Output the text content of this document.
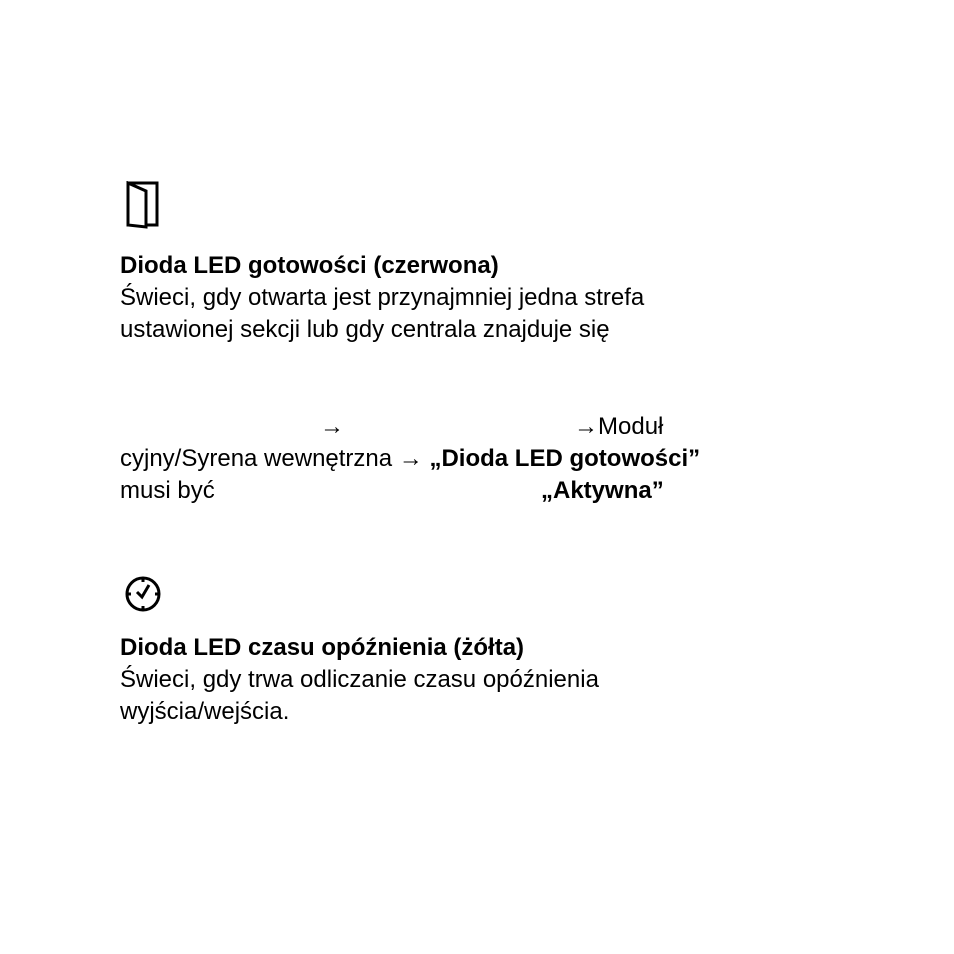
Dioda LED gotowości (czerwona)
Świeci, gdy otwarta jest przynajmniej jedna strefa
ustawionej sekcji lub gdy centrala znajduje się
→	→Moduł
cyjny/Syrena wewnętrzna → „Dioda LED gotowości”
musi być	„Aktywna”
Dioda LED czasu opóźnienia (żółta)
Świeci, gdy trwa odliczanie czasu opóźnienia
wyjścia/wejścia.
